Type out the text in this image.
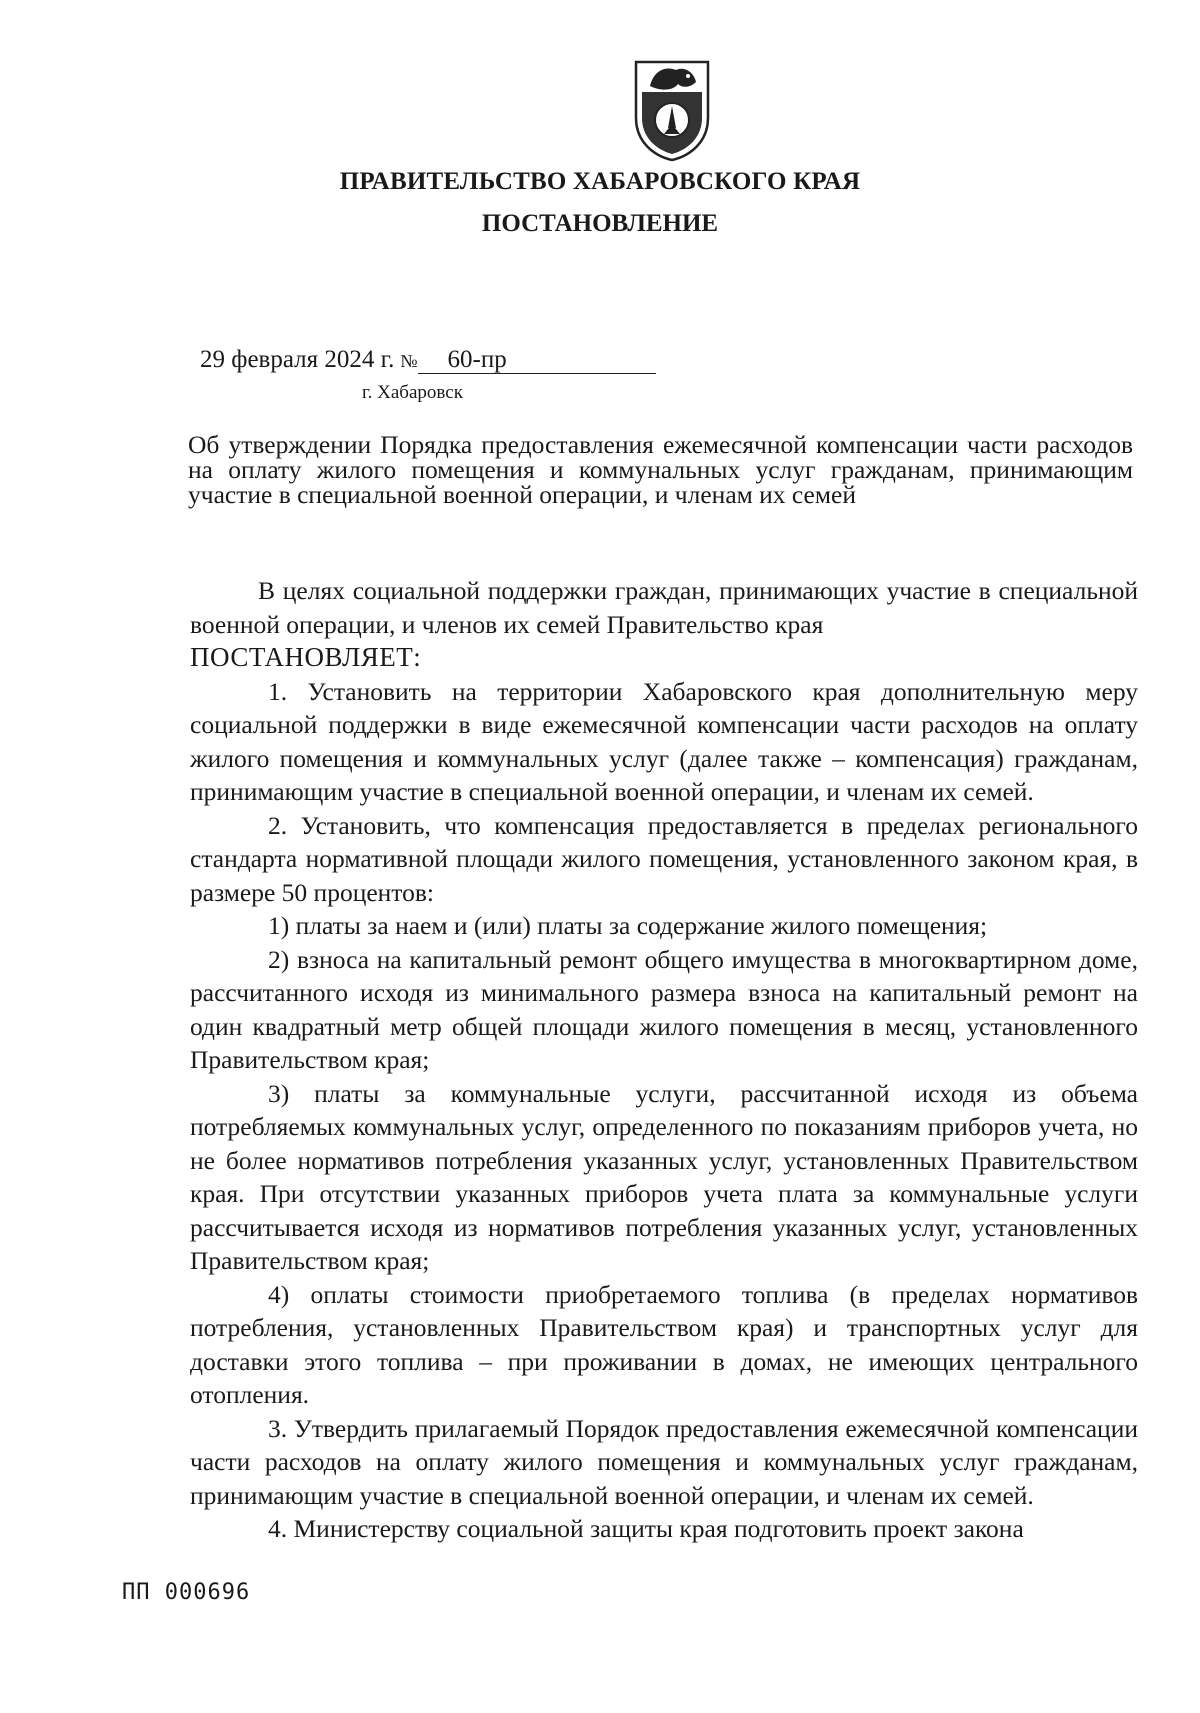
ПРАВИТЕЛЬСТВО ХАБАРОВСКОГО КРАЯ
ПОСТАНОВЛЕНИЕ
29 февраля 2024 г. № 60-пр
г. Хабаровск
Об утверждении Порядка предоставления ежемесячной компенсации части расходов на оплату жилого помещения и коммунальных услуг гражданам, принимающим участие в специальной военной операции, и членам их семей

В целях социальной поддержки граждан, принимающих участие в специальной военной операции, и членов их семей Правительство края

ПОСТАНОВЛЯЕТ:

1. Установить на территории Хабаровского края дополнительную меру социальной поддержки в виде ежемесячной компенсации части расходов на оплату жилого помещения и коммунальных услуг (далее также – компенсация) гражданам, принимающим участие в специальной военной операции, и членам их семей.

2. Установить, что компенсация предоставляется в пределах регионального стандарта нормативной площади жилого помещения, установленного законом края, в размере 50 процентов:

1) платы за наем и (или) платы за содержание жилого помещения;

2) взноса на капитальный ремонт общего имущества в многоквартирном доме, рассчитанного исходя из минимального размера взноса на капитальный ремонт на один квадратный метр общей площади жилого помещения в месяц, установленного Правительством края;

3) платы за коммунальные услуги, рассчитанной исходя из объема потребляемых коммунальных услуг, определенного по показаниям приборов учета, но не более нормативов потребления указанных услуг, установленных Правительством края. При отсутствии указанных приборов учета плата за коммунальные услуги рассчитывается исходя из нормативов потребления указанных услуг, установленных Правительством края;

4) оплаты стоимости приобретаемого топлива (в пределах нормативов потребления, установленных Правительством края) и транспортных услуг для доставки этого топлива – при проживании в домах, не имеющих центрального отопления.

3. Утвердить прилагаемый Порядок предоставления ежемесячной компенсации части расходов на оплату жилого помещения и коммунальных услуг гражданам, принимающим участие в специальной военной операции, и членам их семей.

4. Министерству социальной защиты края подготовить проект закона

ПП 000696
